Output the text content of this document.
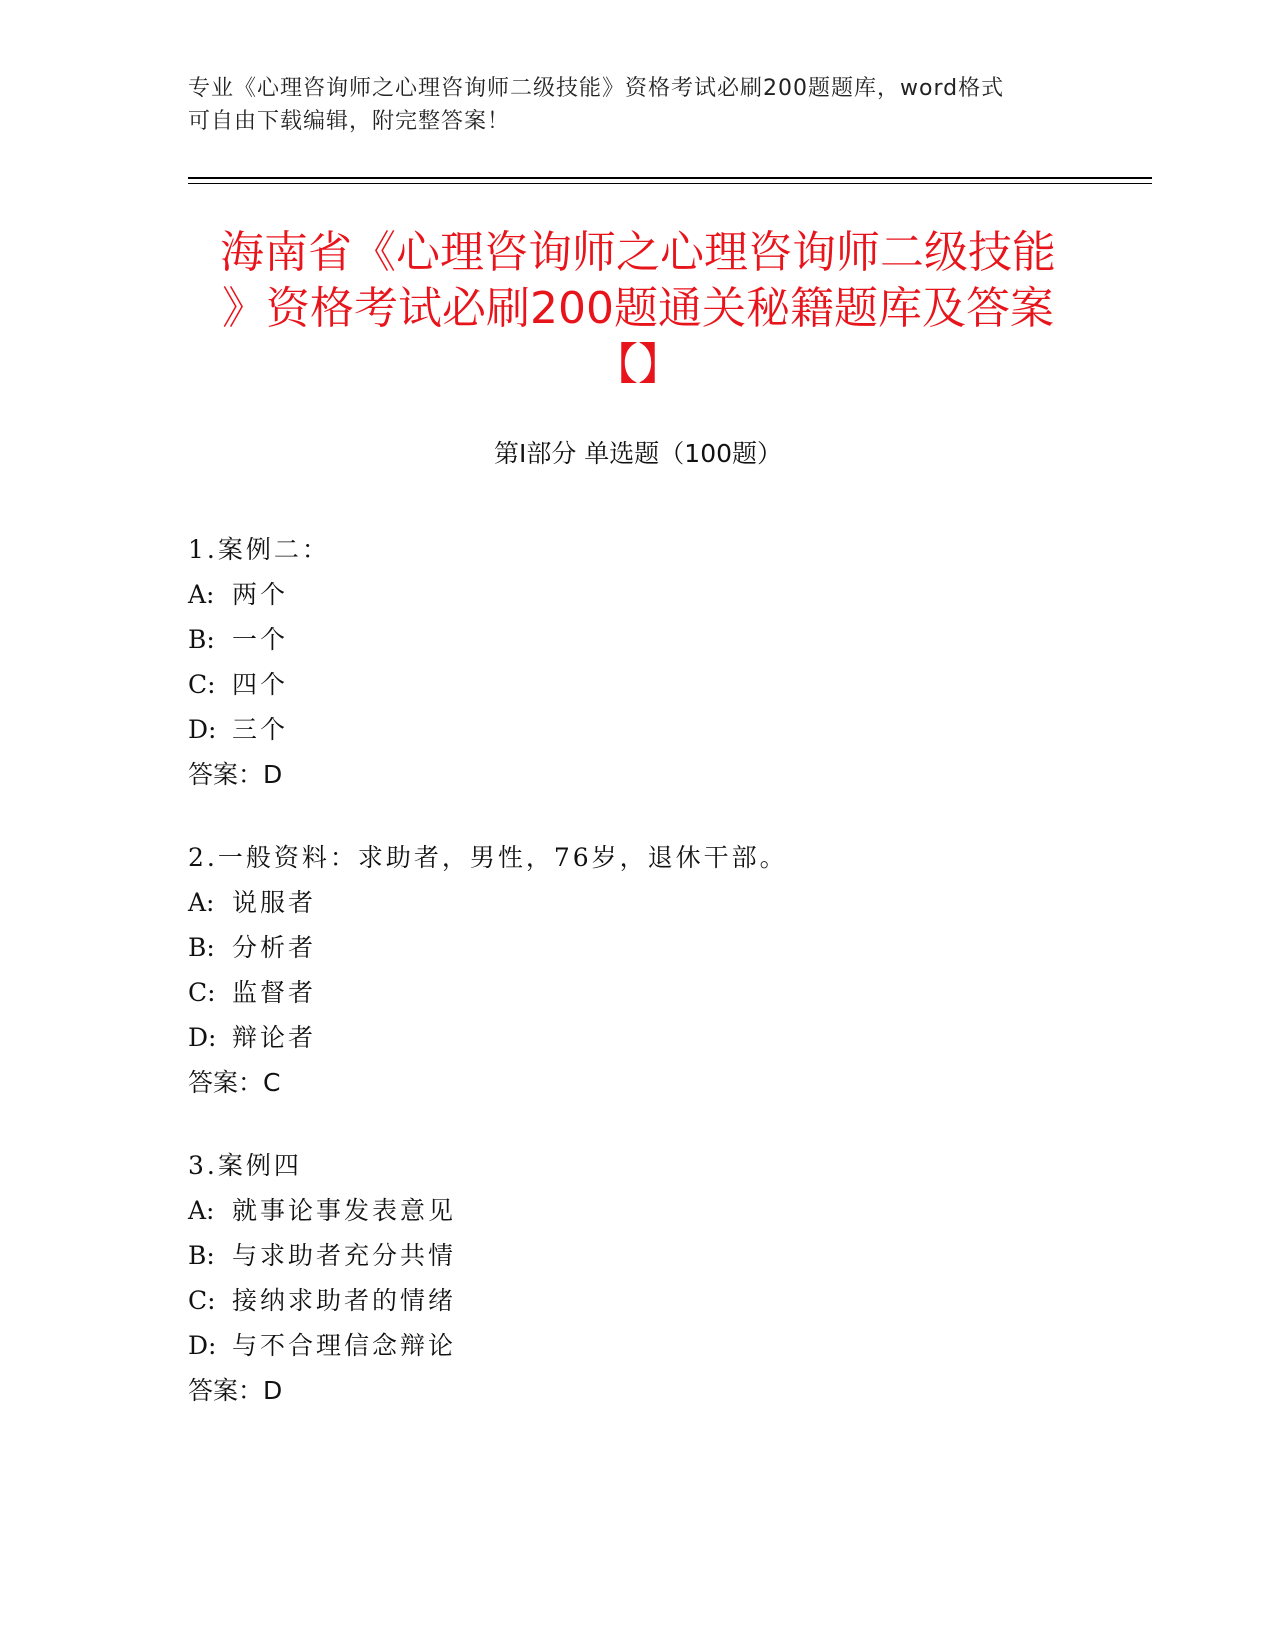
专业《心理咨询师之心理咨询师二级技能》资格考试必刷200题题库，word格式
可自由下载编辑，附完整答案！
海南省《心理咨询师之心理咨询师二级技能
》资格考试必刷200题通关秘籍题库及答案
【】
第I部分 单选题（100题）
1.案例二：
A: 两个
B: 一个
C: 四个
D: 三个
答案：D
2.一般资料：求助者，男性，76岁，退休干部。
A: 说服者
B: 分析者
C: 监督者
D: 辩论者
答案：C
3.案例四
A: 就事论事发表意见
B: 与求助者充分共情
C: 接纳求助者的情绪
D: 与不合理信念辩论
答案：D
